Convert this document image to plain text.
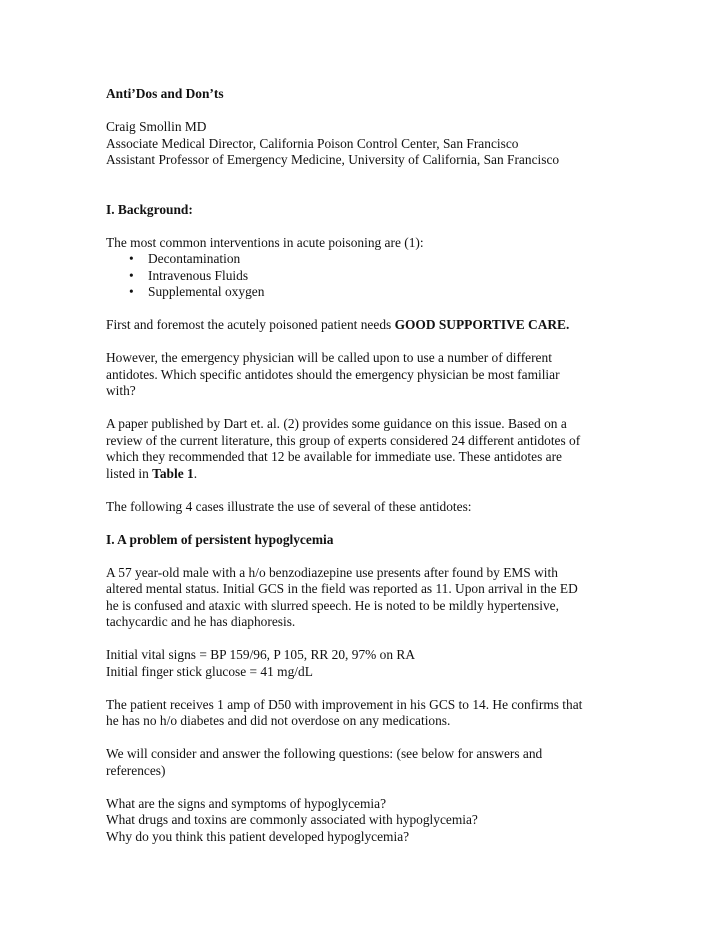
Anti’Dos and Don’ts
Craig Smollin MD
Associate Medical Director, California Poison Control Center, San Francisco
Assistant Professor of Emergency Medicine, University of California, San Francisco
I. Background:
The most common interventions in acute poisoning are (1):
• Decontamination
• Intravenous Fluids
• Supplemental oxygen
First and foremost the acutely poisoned patient needs GOOD SUPPORTIVE CARE.
However, the emergency physician will be called upon to use a number of different
antidotes. Which specific antidotes should the emergency physician be most familiar
with?
A paper published by Dart et. al. (2) provides some guidance on this issue. Based on a
review of the current literature, this group of experts considered 24 different antidotes of
which they recommended that 12 be available for immediate use. These antidotes are
listed in Table 1.
The following 4 cases illustrate the use of several of these antidotes:
I. A problem of persistent hypoglycemia
A 57 year-old male with a h/o benzodiazepine use presents after found by EMS with
altered mental status. Initial GCS in the field was reported as 11. Upon arrival in the ED
he is confused and ataxic with slurred speech. He is noted to be mildly hypertensive,
tachycardic and he has diaphoresis.
Initial vital signs = BP 159/96, P 105, RR 20, 97% on RA
Initial finger stick glucose = 41 mg/dL
The patient receives 1 amp of D50 with improvement in his GCS to 14. He confirms that
he has no h/o diabetes and did not overdose on any medications.
We will consider and answer the following questions: (see below for answers and
references)
What are the signs and symptoms of hypoglycemia?
What drugs and toxins are commonly associated with hypoglycemia?
Why do you think this patient developed hypoglycemia?
